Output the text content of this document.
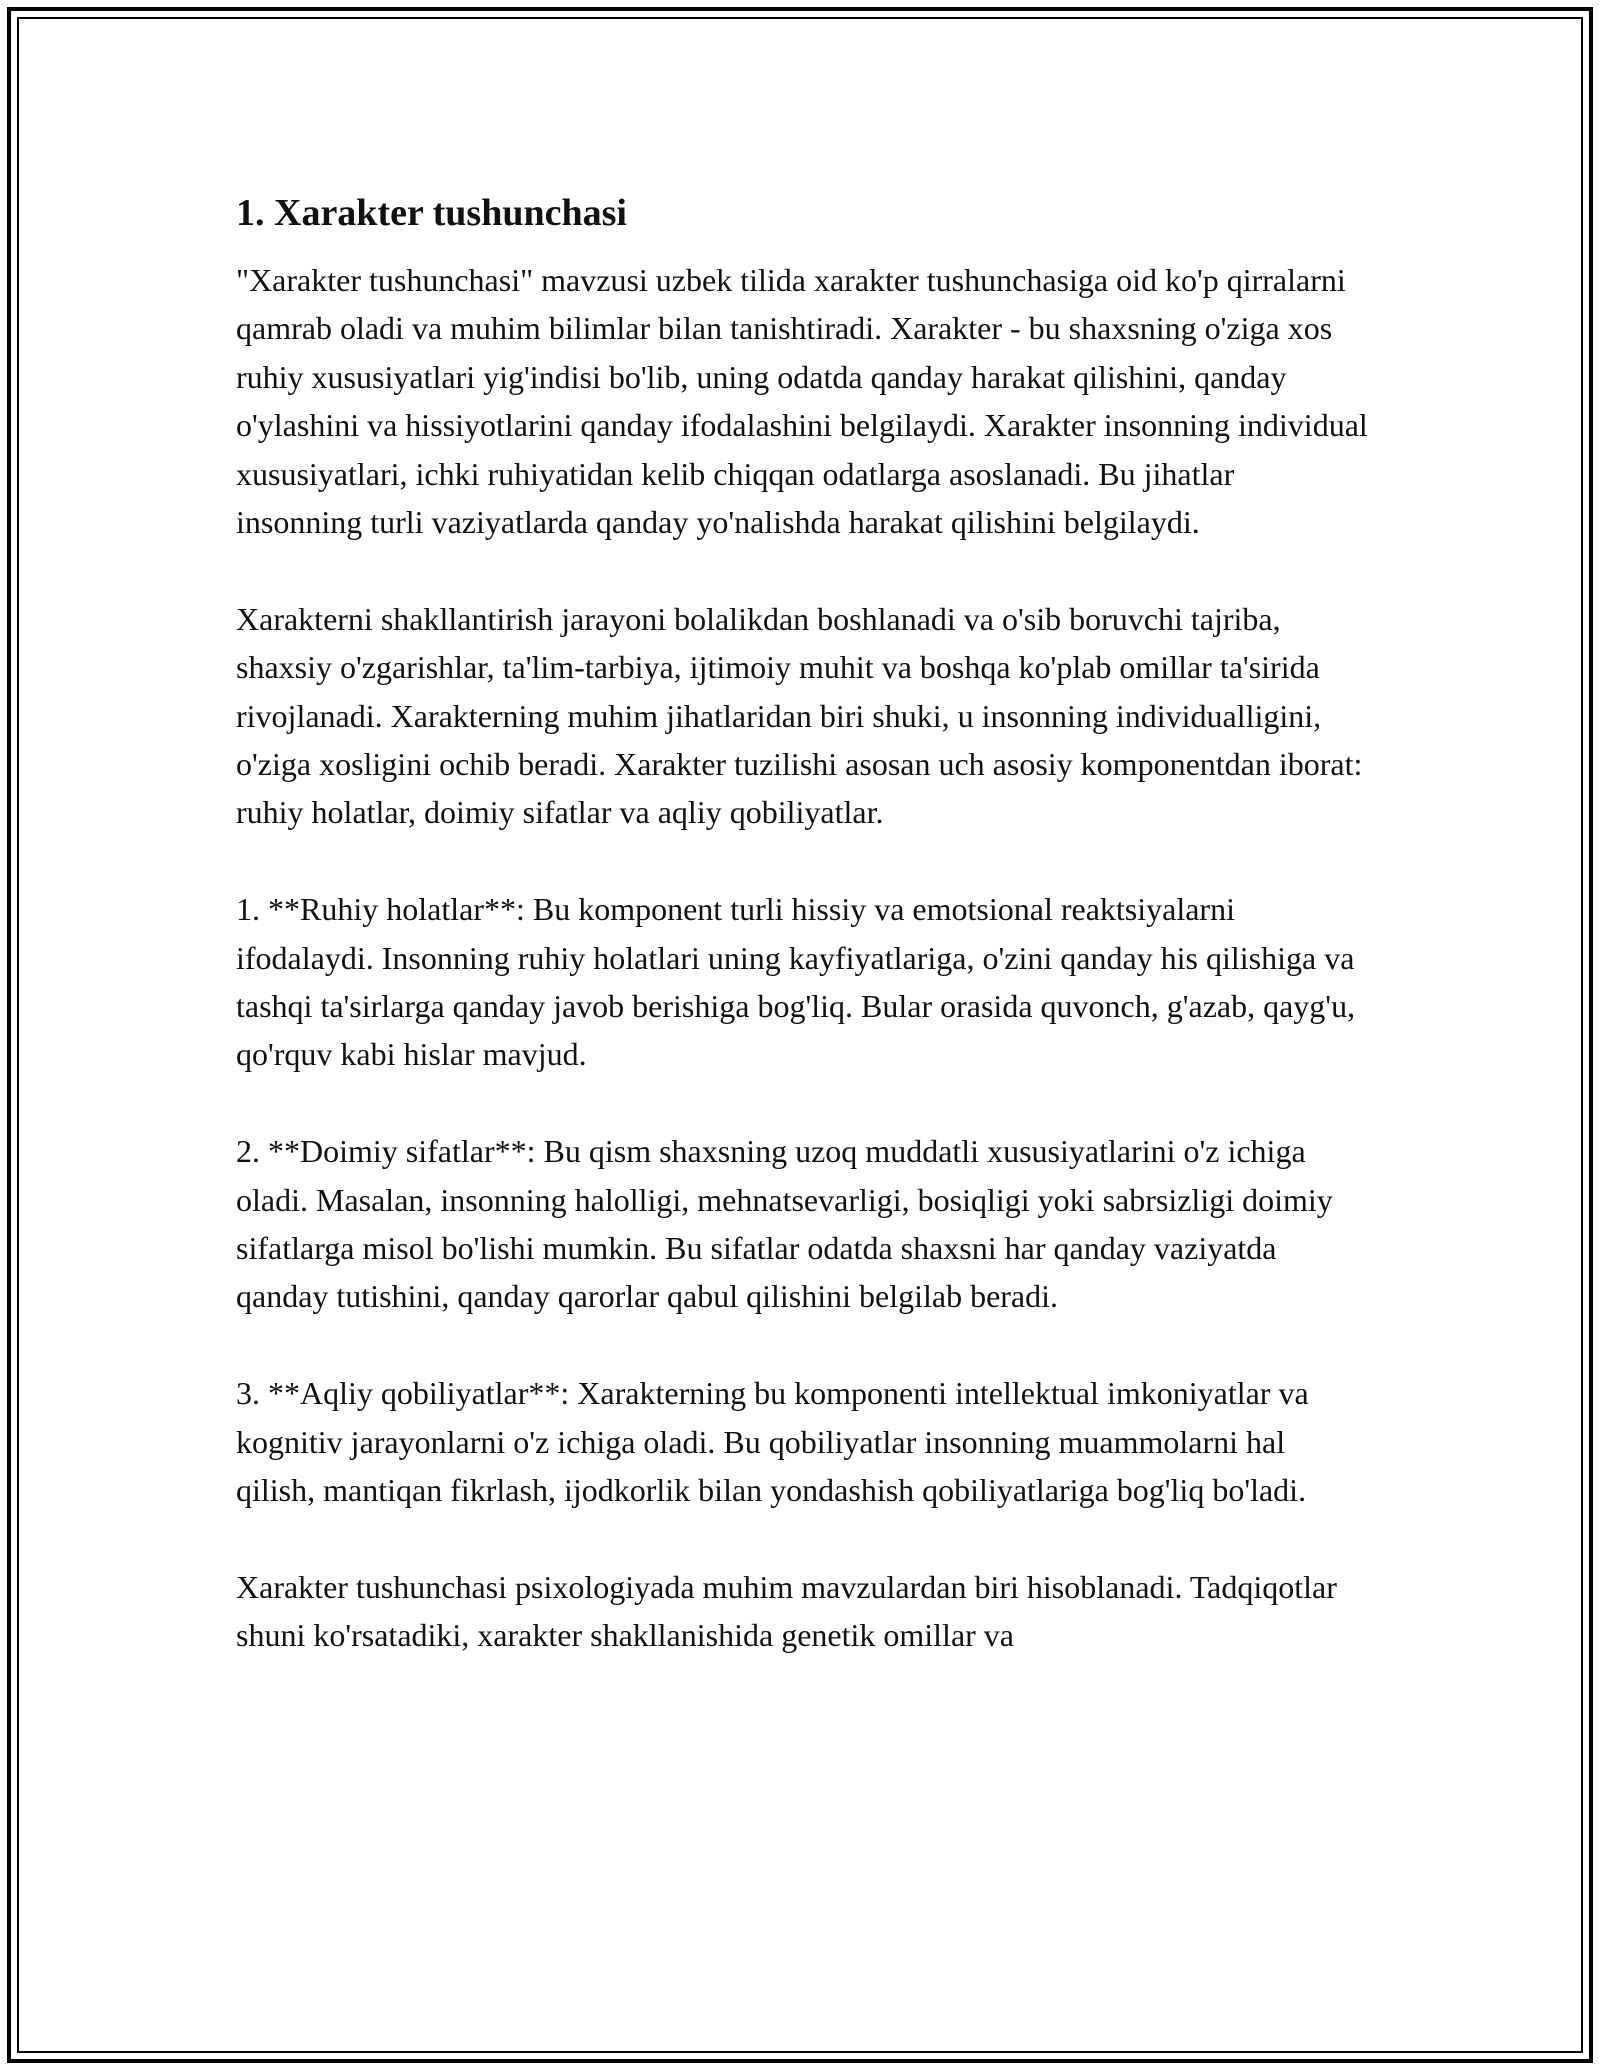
1. Xarakter tushunchasi

"Xarakter tushunchasi" mavzusi uzbek tilida xarakter tushunchasiga oid ko'p qirralarni qamrab oladi va muhim bilimlar bilan tanishtiradi. Xarakter - bu shaxsning o'ziga xos ruhiy xususiyatlari yig'indisi bo'lib, uning odatda qanday harakat qilishini, qanday o'ylashini va hissiyotlarini qanday ifodalashini belgilaydi. Xarakter insonning individual xususiyatlari, ichki ruhiyatidan kelib chiqqan odatlarga asoslanadi. Bu jihatlar insonning turli vaziyatlarda qanday yo'nalishda harakat qilishini belgilaydi.

Xarakterni shakllantirish jarayoni bolalikdan boshlanadi va o'sib boruvchi tajriba, shaxsiy o'zgarishlar, ta'lim-tarbiya, ijtimoiy muhit va boshqa ko'plab omillar ta'sirida rivojlanadi. Xarakterning muhim jihatlaridan biri shuki, u insonning individualligini, o'ziga xosligini ochib beradi. Xarakter tuzilishi asosan uch asosiy komponentdan iborat: ruhiy holatlar, doimiy sifatlar va aqliy qobiliyatlar.

1. **Ruhiy holatlar**: Bu komponent turli hissiy va emotsional reaktsiyalarni ifodalaydi. Insonning ruhiy holatlari uning kayfiyatlariga, o'zini qanday his qilishiga va tashqi ta'sirlarga qanday javob berishiga bog'liq. Bular orasida quvonch, g'azab, qayg'u, qo'rquv kabi hislar mavjud.

2. **Doimiy sifatlar**: Bu qism shaxsning uzoq muddatli xususiyatlarini o'z ichiga oladi. Masalan, insonning halolligi, mehnatsevarligi, bosiqligi yoki sabrsizligi doimiy sifatlarga misol bo'lishi mumkin. Bu sifatlar odatda shaxsni har qanday vaziyatda qanday tutishini, qanday qarorlar qabul qilishini belgilab beradi.

3. **Aqliy qobiliyatlar**: Xarakterning bu komponenti intellektual imkoniyatlar va kognitiv jarayonlarni o'z ichiga oladi. Bu qobiliyatlar insonning muammolarni hal qilish, mantiqan fikrlash, ijodkorlik bilan yondashish qobiliyatlariga bog'liq bo'ladi.

Xarakter tushunchasi psixologiyada muhim mavzulardan biri hisoblanadi. Tadqiqotlar shuni ko'rsatadiki, xarakter shakllanishida genetik omillar va
